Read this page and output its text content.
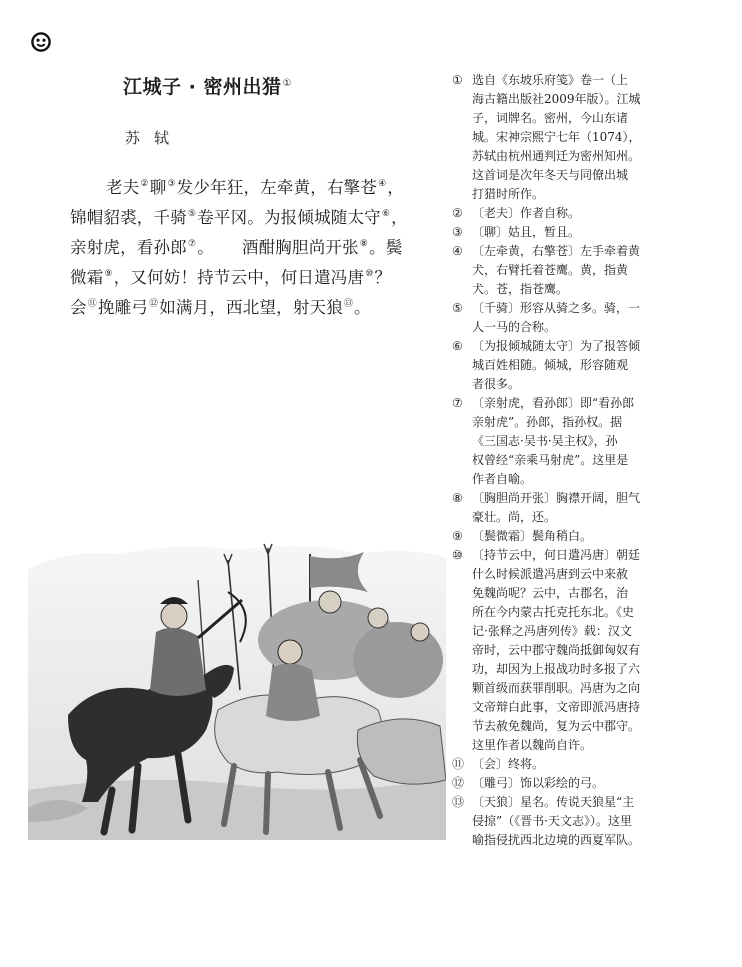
江城子 · 密州出猎①
苏轼
老夫②聊③发少年狂，左牵黄，右擎苍④，
锦帽貂裘，千骑⑤卷平冈。为报倾城随太守⑥，
亲射虎，看孙郎⑦。 酒酣胸胆尚开张⑧。鬓
微霜⑨，又何妨！持节云中，何日遣冯唐⑩？
会⑪挽雕弓⑫如满月，西北望，射天狼⑬。
① 选自《东坡乐府笺》卷一（上
海古籍出版社2009年版）。江城
子，词牌名。密州，今山东诸
城。宋神宗熙宁七年（1074），
苏轼由杭州通判迁为密州知州。
这首词是次年冬天与同僚出城
打猎时所作。
② 〔老夫〕作者自称。
③ 〔聊〕姑且，暂且。
④ 〔左牵黄，右擎苍〕左手牵着黄
犬，右臂托着苍鹰。黄，指黄
犬。苍，指苍鹰。
⑤ 〔千骑〕形容从骑之多。骑，一
人一马的合称。
⑥ 〔为报倾城随太守〕为了报答倾
城百姓相随。倾城，形容随观
者很多。
⑦ 〔亲射虎，看孙郎〕即“看孙郎
亲射虎”。孙郎，指孙权。据
《三国志·吴书·吴主权》，孙
权曾经“亲乘马射虎”。这里是
作者自喻。
⑧ 〔胸胆尚开张〕胸襟开阔，胆气
豪壮。尚，还。
⑨ 〔鬓微霜〕鬓角稍白。
⑩ 〔持节云中，何日遣冯唐〕朝廷
什么时候派遣冯唐到云中来赦
免魏尚呢？云中，古郡名，治
所在今内蒙古托克托东北。《史
记·张释之冯唐列传》载：汉文
帝时，云中郡守魏尚抵御匈奴有
功，却因为上报战功时多报了六
颗首级而获罪削职。冯唐为之向
文帝辩白此事，文帝即派冯唐持
节去赦免魏尚，复为云中郡守。
这里作者以魏尚自许。
⑪ 〔会〕终将。
⑫ 〔雕弓〕饰以彩绘的弓。
⑬ 〔天狼〕星名。传说天狼星“主
侵掠”（《晋书·天文志》）。这里
喻指侵扰西北边境的西夏军队。
